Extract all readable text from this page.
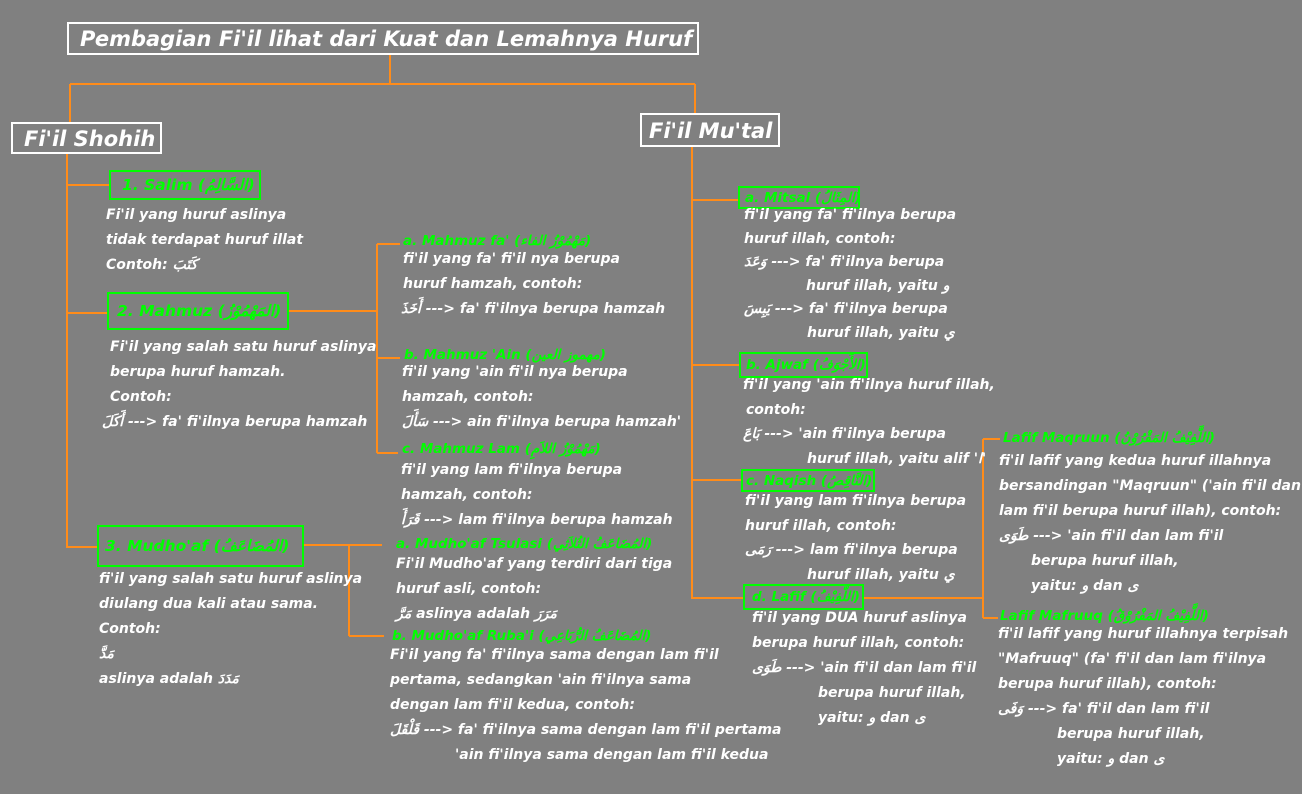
Pembagian Fi'il lihat dari Kuat dan Lemahnya Huruf
Fi'il Shohih
1. Salim (السَّالِمُ)
Fi'il yang huruf aslinya
tidak terdapat huruf illat
Contoh: كَتَبَ
2. Mahmuz (المَهْمُوْزُ)
Fi'il yang salah satu huruf aslinya
berupa huruf hamzah.
Contoh:
أَكَلَ ---> fa' fi'ilnya berupa hamzah
a. Mahmuz fa' (مَهْمُوْزُ الفاء)
fi'il yang fa' fi'il nya berupa
huruf hamzah, contoh:
أَخَذَ ---> fa' fi'ilnya berupa hamzah
b. Mahmuz 'Ain (مهموز العين)
fi'il yang 'ain fi'il nya berupa
hamzah, contoh:
سَأَلَ ---> ain fi'ilnya berupa hamzah'
c. Mahmuz Lam (مَهْمُوْزُ اللاَمِ)
fi'il yang lam fi'ilnya berupa
hamzah, contoh:
قَرَأَ ---> lam fi'ilnya berupa hamzah
3. Mudho'af (المُضَاعَفُ)
fi'il yang salah satu huruf aslinya
diulang dua kali atau sama.
Contoh:
مَدَّ
aslinya adalah مَدَدَ
a. Mudho'af Tsulasi (المُضَاعَفُ الثُلاَثِي)
Fi'il Mudho'af yang terdiri dari tiga
huruf asli, contoh:
مَرَّ aslinya adalah مَرَرَ
b. Mudho'af Ruba'i (المُضَاعَفُ الرُّبَاعِي)
Fi'il yang fa' fi'ilnya sama dengan lam fi'il
pertama, sedangkan 'ain fi'ilnya sama
dengan lam fi'il kedua, contoh:
قَلْقَلَ ---> fa' fi'ilnya sama dengan lam fi'il pertama
'ain fi'ilnya sama dengan lam fi'il kedua
Fi'il Mu'tal
a. Mitsal (المِثَالُ)
fi'il yang fa' fi'ilnya berupa
huruf illah, contoh:
وَعَدَ ---> fa' fi'ilnya berupa
huruf illah, yaitu و
يَبِسَ ---> fa' fi'ilnya berupa
huruf illah, yaitu ي
b. Ajwaf (الأَجْوَفُ)
fi'il yang 'ain fi'ilnya huruf illah,
contoh:
بَاعَ ---> 'ain fi'ilnya berupa
huruf illah, yaitu alif 'ا'
c. Naqish (النَّاقِصُ)
fi'il yang lam fi'ilnya berupa
huruf illah, contoh:
رَمَى ---> lam fi'ilnya berupa
huruf illah, yaitu ي
d. Lafif (اللَّفِيْفُ)
fi'il yang DUA huruf aslinya
berupa huruf illah, contoh:
طَوَى ---> 'ain fi'il dan lam fi'il
berupa huruf illah,
yaitu: و dan ى
Lafif Maqruun (اللَّفِيْفُ المَقْرُوْنُ)
fi'il lafif yang kedua huruf illahnya
bersandingan "Maqruun" ('ain fi'il dan
lam fi'il berupa huruf illah), contoh:
طَوَى ---> 'ain fi'il dan lam fi'il
berupa huruf illah,
yaitu: و dan ى
Lafif Mafruuq (اللَّفِيْفُ المَفْرُوْقُ)
fi'il lafif yang huruf illahnya terpisah
"Mafruuq" (fa' fi'il dan lam fi'ilnya
berupa huruf illah), contoh:
وَفَى ---> fa' fi'il dan lam fi'il
berupa huruf illah,
yaitu: و dan ى
